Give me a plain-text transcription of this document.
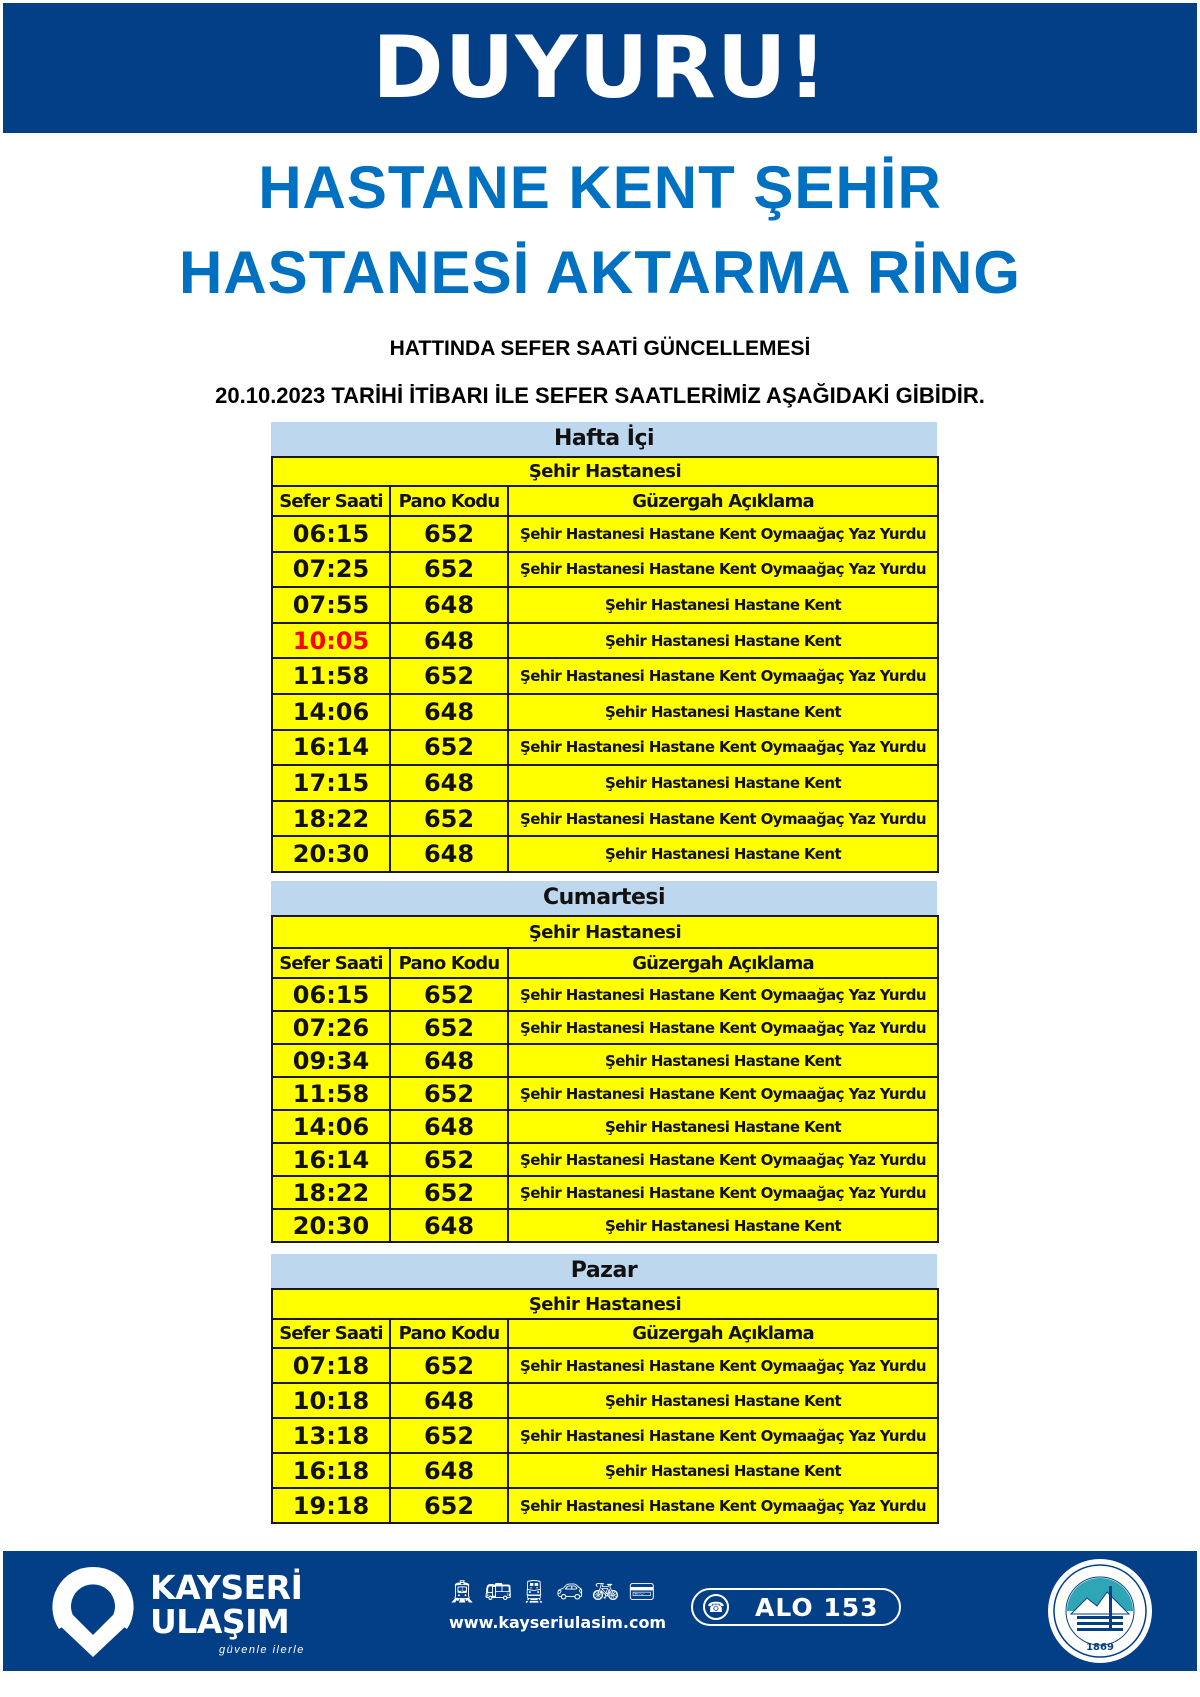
DUYURU!
HASTANE KENT ŞEHİR
HASTANESİ AKTARMA RİNG
HATTINDA SEFER SAATİ GÜNCELLEMESİ
20.10.2023 TARİHİ İTİBARI İLE SEFER SAATLERİMİZ AŞAĞIDAKİ GİBİDİR.
Hafta İçi
Şehir Hastanesi		
Sefer Saati	Pano Kodu	Güzergah Açıklama
06:15	652	Şehir Hastanesi Hastane Kent Oymaağaç Yaz Yurdu
07:25	652	Şehir Hastanesi Hastane Kent Oymaağaç Yaz Yurdu
07:55	648	Şehir Hastanesi Hastane Kent
10:05	648	Şehir Hastanesi Hastane Kent
11:58	652	Şehir Hastanesi Hastane Kent Oymaağaç Yaz Yurdu
14:06	648	Şehir Hastanesi Hastane Kent
16:14	652	Şehir Hastanesi Hastane Kent Oymaağaç Yaz Yurdu
17:15	648	Şehir Hastanesi Hastane Kent
18:22	652	Şehir Hastanesi Hastane Kent Oymaağaç Yaz Yurdu
20:30	648	Şehir Hastanesi Hastane Kent
Cumartesi
Şehir Hastanesi		
Sefer Saati	Pano Kodu	Güzergah Açıklama
06:15	652	Şehir Hastanesi Hastane Kent Oymaağaç Yaz Yurdu
07:26	652	Şehir Hastanesi Hastane Kent Oymaağaç Yaz Yurdu
09:34	648	Şehir Hastanesi Hastane Kent
11:58	652	Şehir Hastanesi Hastane Kent Oymaağaç Yaz Yurdu
14:06	648	Şehir Hastanesi Hastane Kent
16:14	652	Şehir Hastanesi Hastane Kent Oymaağaç Yaz Yurdu
18:22	652	Şehir Hastanesi Hastane Kent Oymaağaç Yaz Yurdu
20:30	648	Şehir Hastanesi Hastane Kent
Pazar
Şehir Hastanesi		
Sefer Saati	Pano Kodu	Güzergah Açıklama
07:18	652	Şehir Hastanesi Hastane Kent Oymaağaç Yaz Yurdu
10:18	648	Şehir Hastanesi Hastane Kent
13:18	652	Şehir Hastanesi Hastane Kent Oymaağaç Yaz Yurdu
16:18	648	Şehir Hastanesi Hastane Kent
19:18	652	Şehir Hastanesi Hastane Kent Oymaağaç Yaz Yurdu
KAYSERİ
ULAŞIM
güvenle ilerle
🚊︎ 🚌︎ 🚆︎ 🚗︎ 🚲︎ 💳︎
www.kayseriulasim.com
☎ ALO 153
1869
